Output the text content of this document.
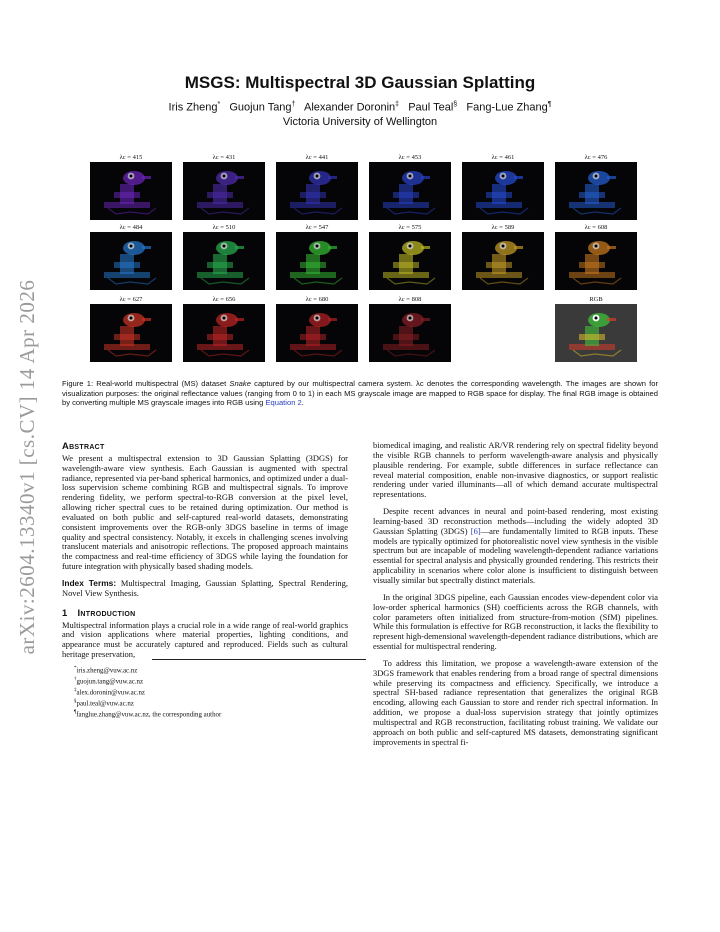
arXiv:2604.13340v1 [cs.CV] 14 Apr 2026
MSGS: Multispectral 3D Gaussian Splatting
Iris Zheng* Guojun Tang† Alexander Doronin‡ Paul Teal§ Fang-Lue Zhang¶
Victoria University of Wellington
λc = 415	λc = 431	λc = 441	λc = 453	λc = 461	λc = 476
λc = 484	λc = 510	λc = 547	λc = 575	λc = 589	λc = 608
λc = 627	λc = 656	λc = 680	λc = 808	RGB
Figure 1: Real-world multispectral (MS) dataset Snake captured by our multispectral camera system. λc denotes the corresponding wavelength. The images are shown for visualization purposes: the original reflectance values (ranging from 0 to 1) in each MS grayscale image are mapped to RGB space for display. The final RGB image is obtained by converting multiple MS grayscale images into RGB using Equation 2.
Abstract

We present a multispectral extension to 3D Gaussian Splatting (3DGS) for wavelength-aware view synthesis. Each Gaussian is augmented with spectral radiance, represented via per-band spherical harmonics, and optimized under a dual-loss supervision scheme combining RGB and multispectral signals. To improve rendering fidelity, we perform spectral-to-RGB conversion at the pixel level, allowing richer spectral cues to be retained during optimization. Our method is evaluated on both public and self-captured real-world datasets, demonstrating consistent improvements over the RGB-only 3DGS baseline in terms of image quality and spectral consistency. Notably, it excels in challenging scenes involving translucent materials and anisotropic reflections. The proposed approach maintains the compactness and real-time efficiency of 3DGS while laying the foundation for future integration with physically based shading models.

Index Terms: Multispectral Imaging, Gaussian Splatting, Spectral Rendering, Novel View Synthesis.

1 Introduction

Multispectral information plays a crucial role in a wide range of real-world graphics and vision applications where material properties, lighting conditions, and appearance must be accurately captured and reproduced. Fields such as cultural heritage preservation,

*iris.zheng@vuw.ac.nz
†guojun.tang@vuw.ac.nz
‡alex.doronin@vuw.ac.nz
§paul.teal@vuw.ac.nz
¶fanglue.zhang@vuw.ac.nz, the corresponding author

biomedical imaging, and realistic AR/VR rendering rely on spectral fidelity beyond the visible RGB channels to perform wavelength-aware analysis and physically plausible rendering. For example, subtle differences in surface reflectance can reveal material composition, enable non-invasive diagnostics, or support realistic rendering under varied illuminants—all of which demand accurate multispectral representations.

Despite recent advances in neural and point-based rendering, most existing learning-based 3D reconstruction methods—including the widely adopted 3D Gaussian Splatting (3DGS) [6]—are fundamentally limited to RGB inputs. These models are typically optimized for photorealistic novel view synthesis in the visible spectrum but are incapable of modeling wavelength-dependent radiance variations essential for spectral analysis and physically grounded rendering. This restricts their applicability in scenarios where color alone is insufficient to distinguish between visually similar but spectrally distinct materials.

In the original 3DGS pipeline, each Gaussian encodes view-dependent color via low-order spherical harmonics (SH) coefficients across the RGB channels, with color parameters often initialized from structure-from-motion (SfM) pipelines. While this formulation is effective for RGB reconstruction, it lacks the flexibility to represent high-demensional wavelength-dependent radiance distributions, which are essential for multispectral rendering.

To address this limitation, we propose a wavelength-aware extension of the 3DGS framework that enables rendering from a broad range of spectral dimensions while preserving its compactness and efficiency. Specifically, we introduce a spectral SH-based radiance representation that generalizes the original RGB encoding, allowing each Gaussian to store and render rich spectral information. In addition, we propose a dual-loss supervision strategy that jointly optimizes multispectral and RGB reconstruction, facilitating robust training. We validate our approach on both public and self-captured MS datasets, demonstrating significant improvements in spectral fi-
